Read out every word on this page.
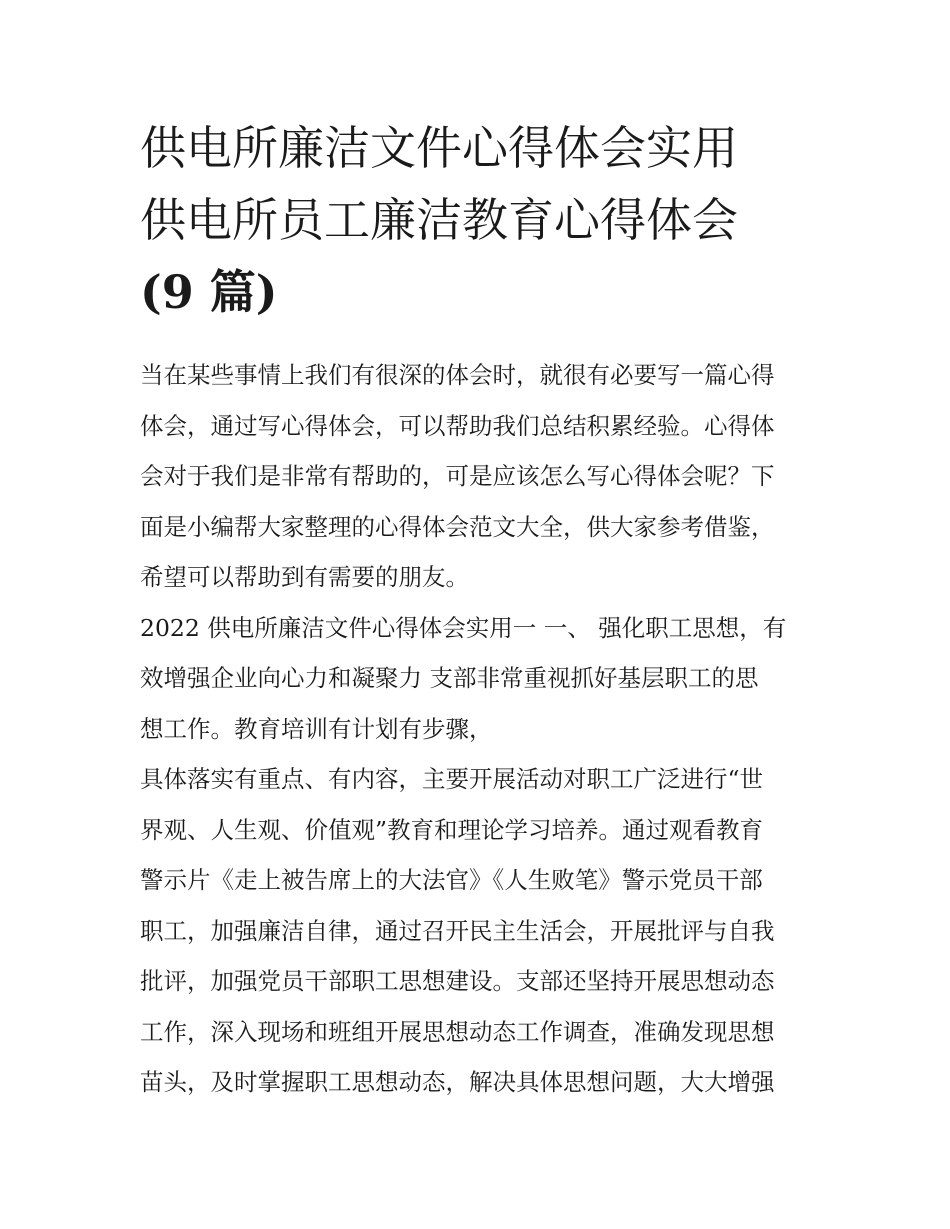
供电所廉洁文件心得体会实用
供电所员工廉洁教育心得体会
(9 篇)
当在某些事情上我们有很深的体会时，就很有必要写一篇心得
体会，通过写心得体会，可以帮助我们总结积累经验。心得体
会对于我们是非常有帮助的，可是应该怎么写心得体会呢？下
面是小编帮大家整理的心得体会范文大全，供大家参考借鉴，
希望可以帮助到有需要的朋友。
2022 供电所廉洁文件心得体会实用一 一、 强化职工思想，有
效增强企业向心力和凝聚力 支部非常重视抓好基层职工的思
想工作。教育培训有计划有步骤，
具体落实有重点、有内容，主要开展活动对职工广泛进行“世
界观、人生观、价值观”教育和理论学习培养。通过观看教育
警示片《走上被告席上的大法官》《人生败笔》警示党员干部
职工，加强廉洁自律，通过召开民主生活会，开展批评与自我
批评，加强党员干部职工思想建设。支部还坚持开展思想动态
工作，深入现场和班组开展思想动态工作调查，准确发现思想
苗头，及时掌握职工思想动态，解决具体思想问题，大大增强
